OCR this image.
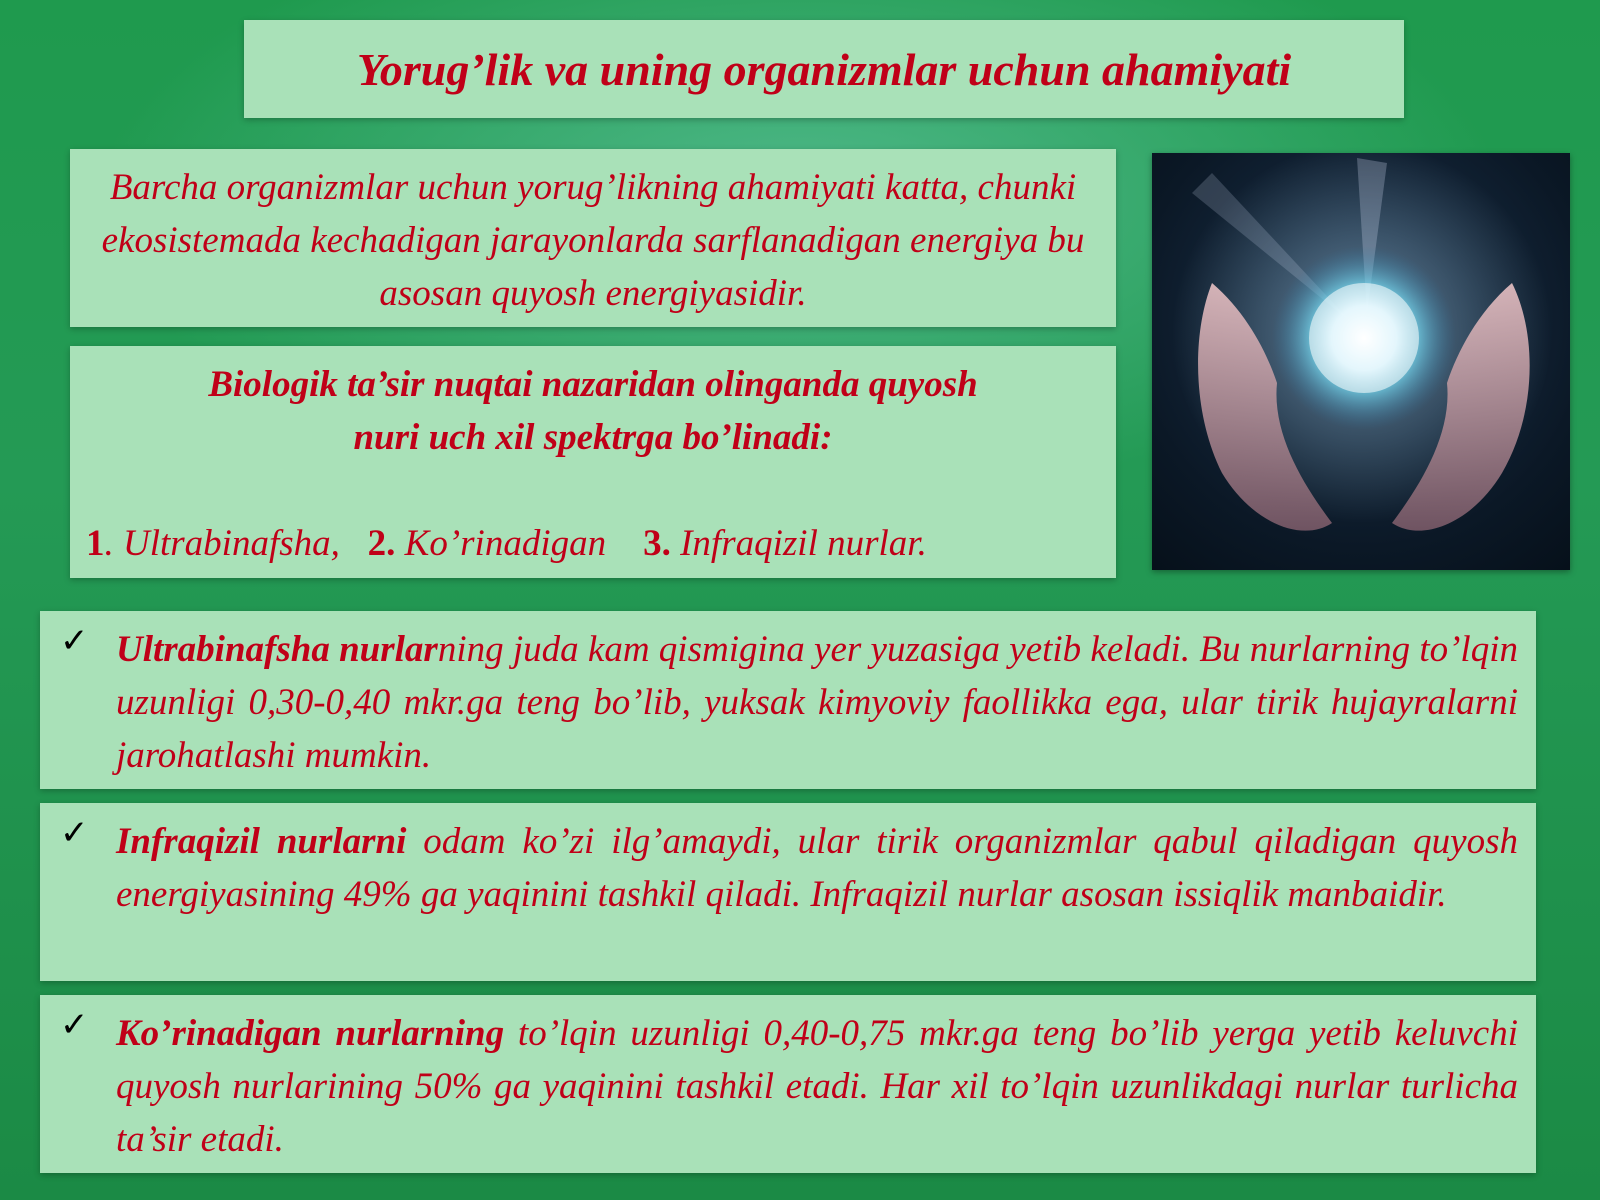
Yorug’lik va uning organizmlar uchun ahamiyati
Barcha organizmlar uchun yorug’likning ahamiyati katta, chunki ekosistemada kechadigan jarayonlarda sarflanadigan energiya bu asosan quyosh energiyasidir.
Biologik ta’sir nuqtai nazaridan olinganda quyosh
nuri uch xil spektrga bo’linadi:
1. Ultrabinafsha, 2. Ko’rinadigan 3. Infraqizil nurlar.
✓ Ultrabinafsha nurlarning juda kam qismigina yer yuzasiga yetib keladi. Bu nurlarning to’lqin uzunligi 0,30-0,40 mkr.ga teng bo’lib, yuksak kimyoviy faollikka ega, ular tirik hujayralarni jarohatlashi mumkin.
✓ Infraqizil nurlarni odam ko’zi ilg’amaydi, ular tirik organizmlar qabul qiladigan quyosh energiyasining 49% ga yaqinini tashkil qiladi. Infraqizil nurlar asosan issiqlik manbaidir.
✓ Ko’rinadigan nurlarning to’lqin uzunligi 0,40-0,75 mkr.ga teng bo’lib yerga yetib keluvchi quyosh nurlarining 50% ga yaqinini tashkil etadi. Har xil to’lqin uzunlikdagi nurlar turlicha ta’sir etadi.
